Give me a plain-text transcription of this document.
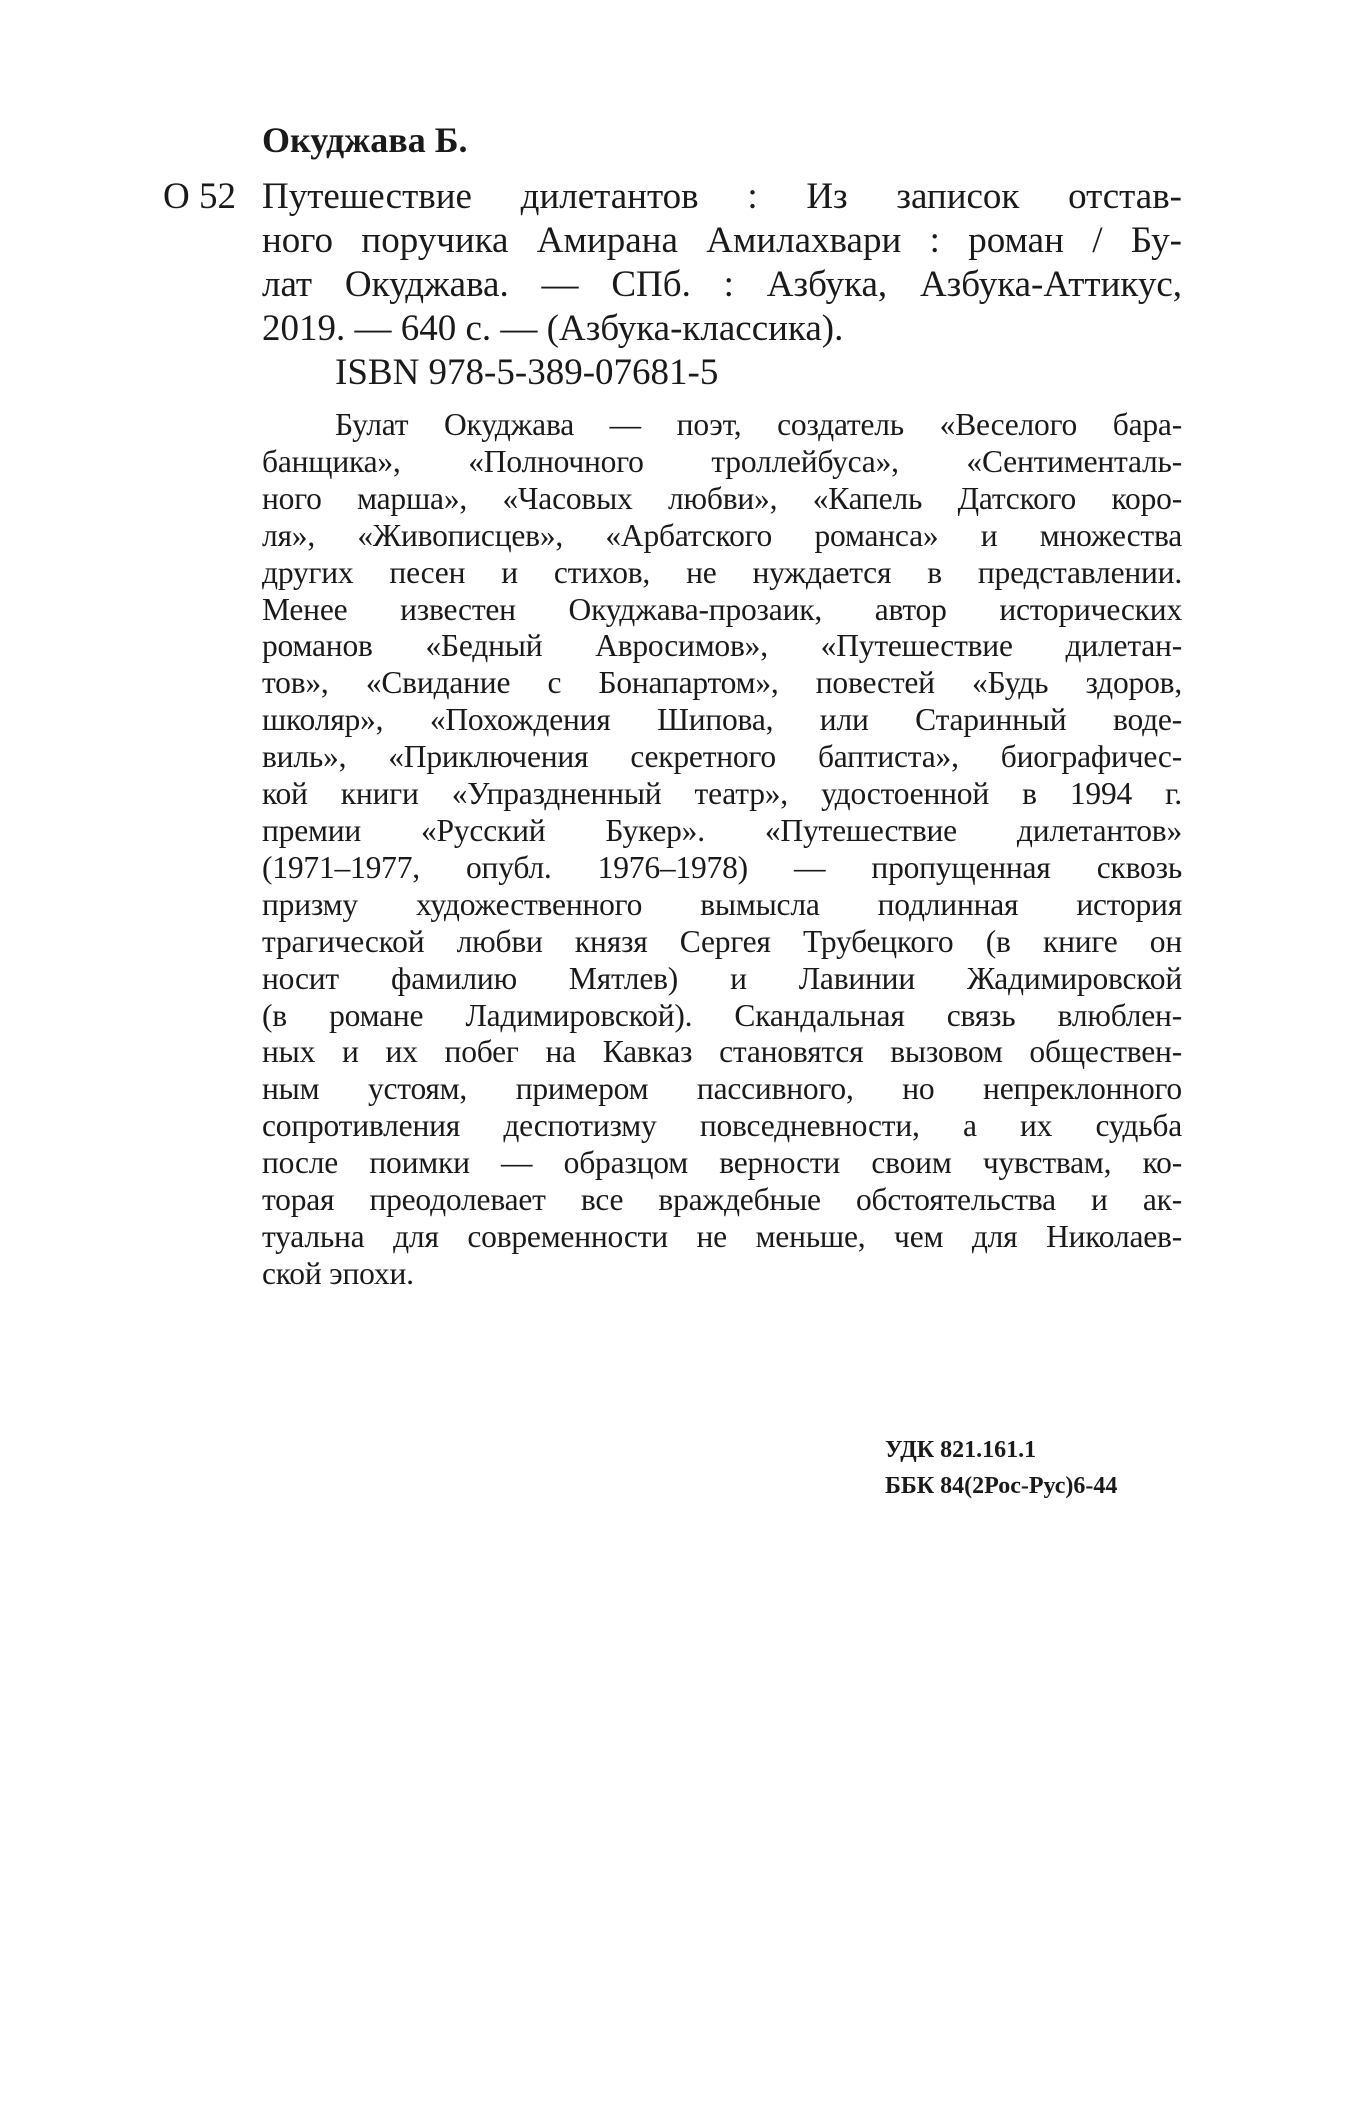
Окуджава Б.
О 52 Путешествие дилетантов : Из записок отстав-
ного поручика Амирана Амилахвари : роман / Бу-
лат Окуджава. — СПб. : Азбука, Азбука-Аттикус,
2019. — 640 с. — (Азбука-классика).
ISBN 978-5-389-07681-5
Булат Окуджава — поэт, создатель «Веселого бара-
банщика», «Полночного троллейбуса», «Сентименталь-
ного марша», «Часовых любви», «Капель Датского коро-
ля», «Живописцев», «Арбатского романса» и множества
других песен и стихов, не нуждается в представлении.
Менее известен Окуджава-прозаик, автор исторических
романов «Бедный Авросимов», «Путешествие дилетан-
тов», «Свидание с Бонапартом», повестей «Будь здоров,
школяр», «Похождения Шипова, или Старинный воде-
виль», «Приключения секретного баптиста», биографичес-
кой книги «Упраздненный театр», удостоенной в 1994 г.
премии «Русский Букер». «Путешествие дилетантов»
(1971–1977, опубл. 1976–1978) — пропущенная сквозь
призму художественного вымысла подлинная история
трагической любви князя Сергея Трубецкого (в книге он
носит фамилию Мятлев) и Лавинии Жадимировской
(в романе Ладимировской). Скандальная связь влюблен-
ных и их побег на Кавказ становятся вызовом обществен-
ным устоям, примером пассивного, но непреклонного
сопротивления деспотизму повседневности, а их судьба
после поимки — образцом верности своим чувствам, ко-
торая преодолевает все враждебные обстоятельства и ак-
туальна для современности не меньше, чем для Николаев-
ской эпохи.
УДК 821.161.1
ББК 84(2Рос-Рус)6-44
